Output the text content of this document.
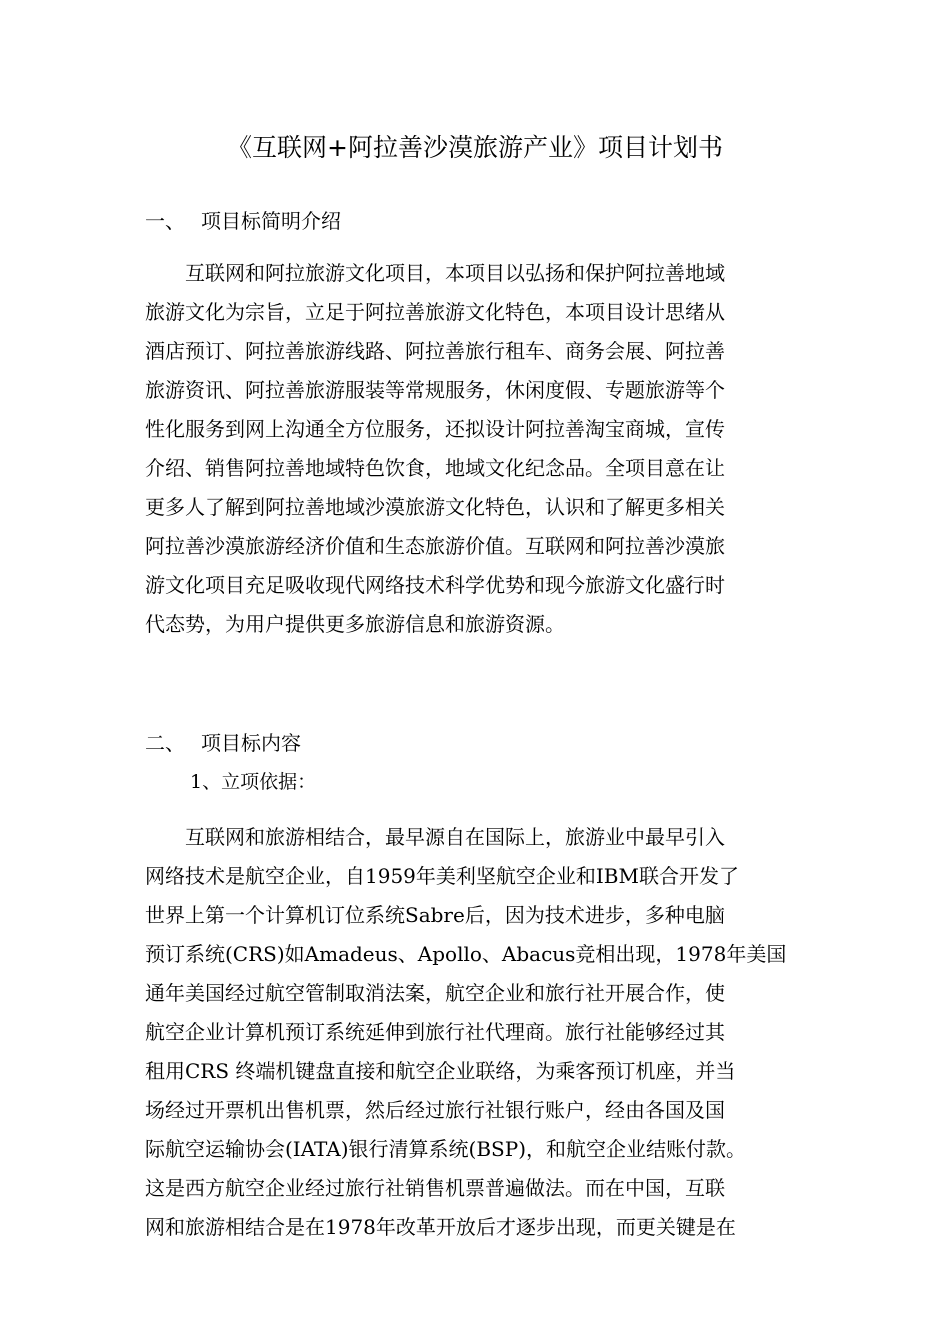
《互联网+阿拉善沙漠旅游产业》项目计划书
一、 项目标简明介绍
　　互联网和阿拉旅游文化项目，本项目以弘扬和保护阿拉善地域
旅游文化为宗旨，立足于阿拉善旅游文化特色，本项目设计思绪从
酒店预订、阿拉善旅游线路、阿拉善旅行租车、商务会展、阿拉善
旅游资讯、阿拉善旅游服装等常规服务，休闲度假、专题旅游等个
性化服务到网上沟通全方位服务，还拟设计阿拉善淘宝商城，宣传
介绍、销售阿拉善地域特色饮食，地域文化纪念品。全项目意在让
更多人了解到阿拉善地域沙漠旅游文化特色，认识和了解更多相关
阿拉善沙漠旅游经济价值和生态旅游价值。互联网和阿拉善沙漠旅
游文化项目充足吸收现代网络技术科学优势和现今旅游文化盛行时
代态势，为用户提供更多旅游信息和旅游资源。
二、 项目标内容
1、立项依据：
　　互联网和旅游相结合，最早源自在国际上，旅游业中最早引入
网络技术是航空企业，自1959年美利坚航空企业和IBM联合开发了
世界上第一个计算机订位系统Sabre后，因为技术进步，多种电脑
预订系统(CRS)如Amadeus、Apollo、Abacus竞相出现，1978年美国
通年美国经过航空管制取消法案，航空企业和旅行社开展合作，使
航空企业计算机预订系统延伸到旅行社代理商。旅行社能够经过其
租用CRS 终端机键盘直接和航空企业联络，为乘客预订机座，并当
场经过开票机出售机票，然后经过旅行社银行账户，经由各国及国
际航空运输协会(IATA)银行清算系统(BSP)，和航空企业结账付款。
这是西方航空企业经过旅行社销售机票普遍做法。而在中国，互联
网和旅游相结合是在1978年改革开放后才逐步出现，而更关键是在
